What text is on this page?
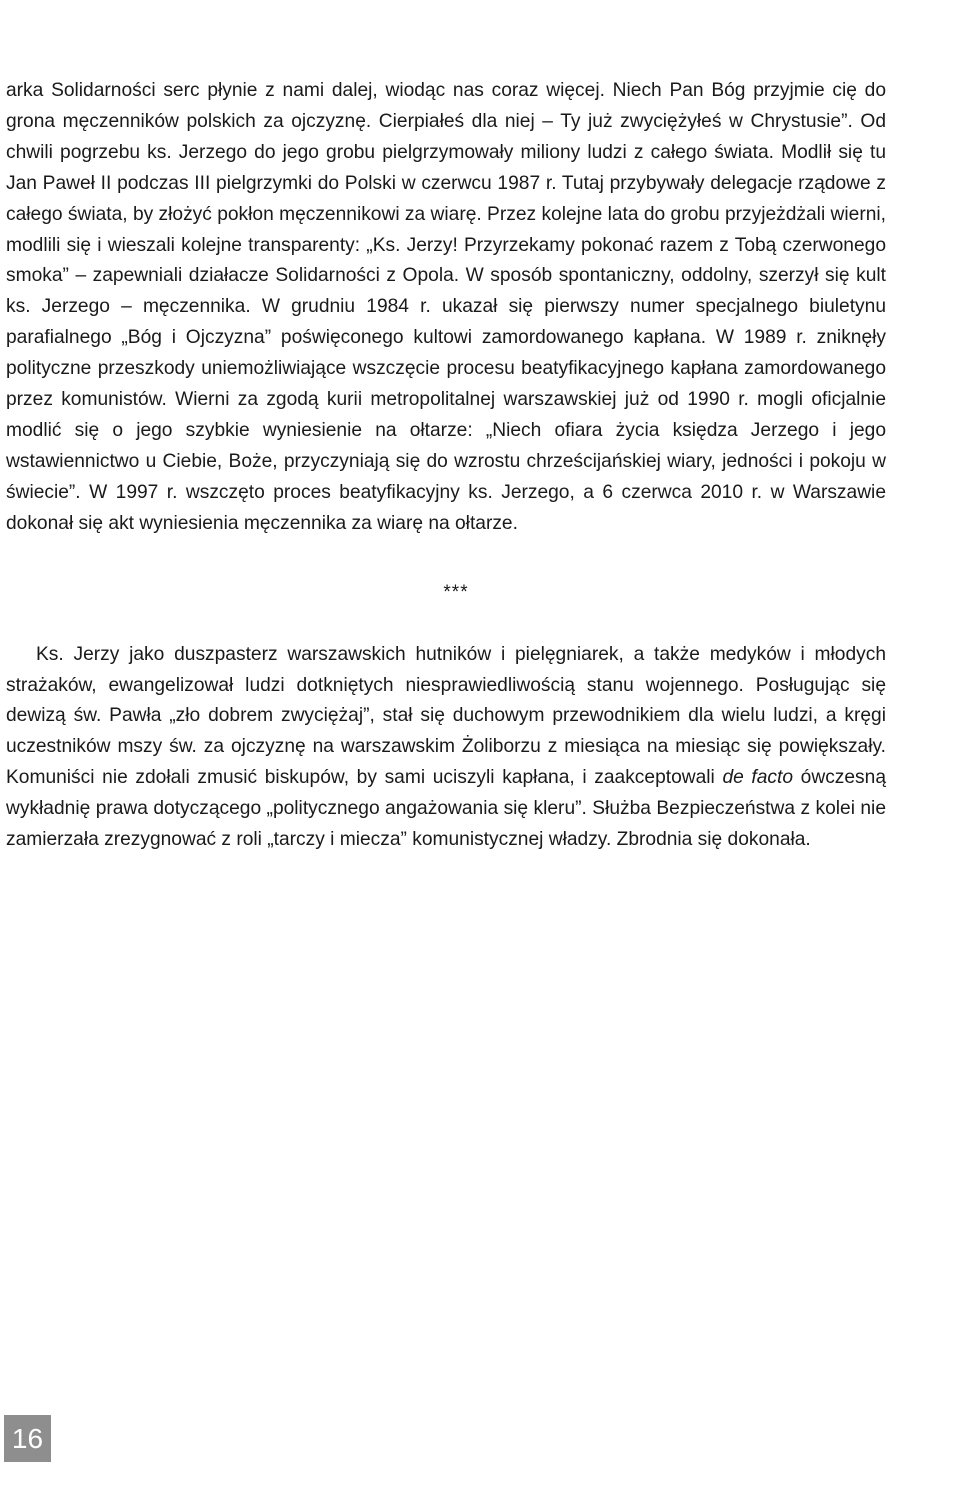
arka Solidarności serc płynie z nami dalej, wiodąc nas coraz więcej. Niech Pan Bóg przyjmie cię do grona męczenników polskich za ojczyznę. Cierpiałeś dla niej – Ty już zwyciężyłeś w Chrystusie”. Od chwili pogrzebu ks. Jerzego do jego grobu pielgrzymowały miliony ludzi z całego świata. Modlił się tu Jan Paweł II podczas III pielgrzymki do Polski w czerwcu 1987 r. Tutaj przybywały delegacje rządowe z całego świata, by złożyć pokłon męczennikowi za wiarę. Przez kolejne lata do grobu przyjeżdżali wierni, modlili się i wieszali kolejne transparenty: „Ks. Jerzy! Przyrzekamy pokonać razem z Tobą czerwonego smoka” – zapewniali działacze Solidarności z Opola. W sposób spontaniczny, oddolny, szerzył się kult ks. Jerzego – męczennika. W grudniu 1984 r. ukazał się pierwszy numer specjalnego biuletynu parafialnego „Bóg i Ojczyzna” poświęconego kultowi zamordowanego kapłana. W 1989 r. zniknęły polityczne przeszkody uniemożliwiające wszczęcie procesu beatyfikacyjnego kapłana zamordowanego przez komunistów. Wierni za zgodą kurii metropolitalnej warszawskiej już od 1990 r. mogli oficjalnie modlić się o jego szybkie wyniesienie na ołtarze: „Niech ofiara życia księdza Jerzego i jego wstawiennictwo u Ciebie, Boże, przyczyniają się do wzrostu chrześcijańskiej wiary, jedności i pokoju w świecie”. W 1997 r. wszczęto proces beatyfikacyjny ks. Jerzego, a 6 czerwca 2010 r. w Warszawie dokonał się akt wyniesienia męczennika za wiarę na ołtarze.

***

Ks. Jerzy jako duszpasterz warszawskich hutników i pielęgniarek, a także medyków i młodych strażaków, ewangelizował ludzi dotkniętych niesprawiedliwością stanu wojennego. Posługując się dewizą św. Pawła „zło dobrem zwyciężaj”, stał się duchowym przewodnikiem dla wielu ludzi, a kręgi uczestników mszy św. za ojczyznę na warszawskim Żoliborzu z miesiąca na miesiąc się powiększały. Komuniści nie zdołali zmusić biskupów, by sami uciszyli kapłana, i zaakceptowali de facto ówczesną wykładnię prawa dotyczącego „politycznego angażowania się kleru”. Służba Bezpieczeństwa z kolei nie zamierzała zrezygnować z roli „tarczy i miecza” komunistycznej władzy. Zbrodnia się dokonała.

16
